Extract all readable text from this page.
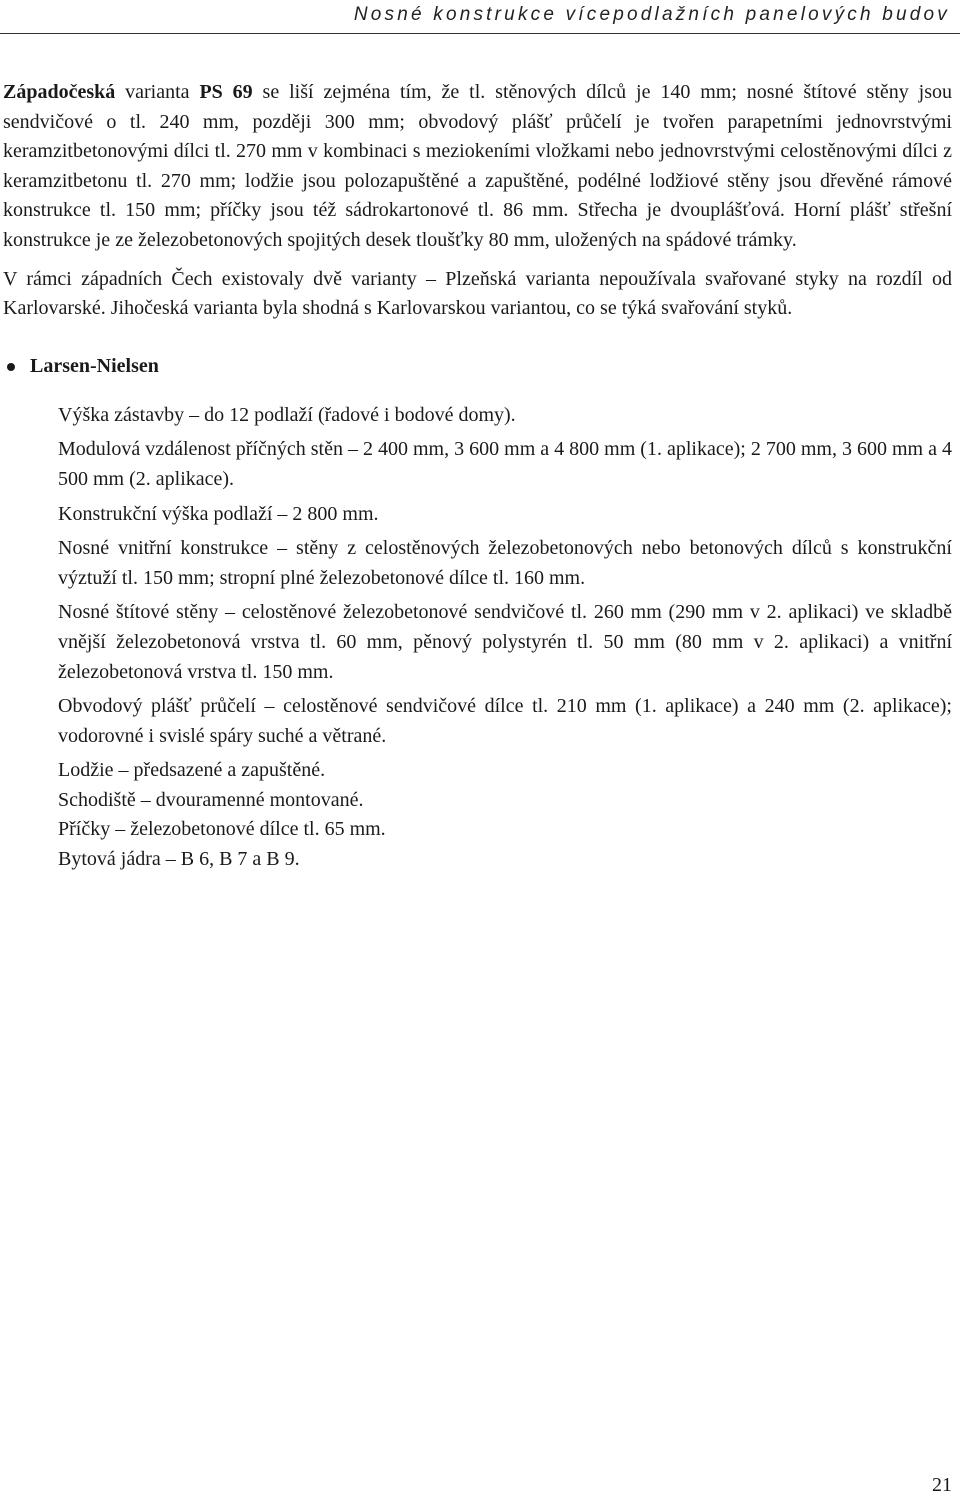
Nosné konstrukce vícepodlažních panelových budov

Západočeská varianta PS 69 se liší zejména tím, že tl. stěnových dílců je 140 mm; nosné štítové stěny jsou sendvičové o tl. 240 mm, později 300 mm; obvodový plášť průčelí je tvořen parapetními jednovrstvými keramzitbetonovými dílci tl. 270 mm v kombinaci s meziokeními vložkami nebo jednovrstvými celostěnovými dílci z keramzitbetonu tl. 270 mm; lodžie jsou polozapuštěné a zapuštěné, podélné lodžiové stěny jsou dřevěné rámové konstrukce tl. 150 mm; příčky jsou též sádrokartonové tl. 86 mm. Střecha je dvouplášťová. Horní plášť střešní konstrukce je ze železobetonových spojitých desek tloušťky 80 mm, uložených na spádové trámky.

V rámci západních Čech existovaly dvě varianty – Plzeňská varianta nepoužívala svařované styky na rozdíl od Karlovarské. Jihočeská varianta byla shodná s Karlovarskou variantou, co se týká svařování styků.

Larsen-Nielsen

Výška zástavby – do 12 podlaží (řadové i bodové domy).

Modulová vzdálenost příčných stěn – 2 400 mm, 3 600 mm a 4 800 mm (1. aplikace); 2 700 mm, 3 600 mm a 4 500 mm (2. aplikace).

Konstrukční výška podlaží – 2 800 mm.

Nosné vnitřní konstrukce – stěny z celostěnových železobetonových nebo betonových dílců s konstrukční výztuží tl. 150 mm; stropní plné železobetonové dílce tl. 160 mm.

Nosné štítové stěny – celostěnové železobetonové sendvičové tl. 260 mm (290 mm v 2. aplikaci) ve skladbě vnější železobetonová vrstva tl. 60 mm, pěnový polystyrén tl. 50 mm (80 mm v 2. aplikaci) a vnitřní železobetonová vrstva tl. 150 mm.

Obvodový plášť průčelí – celostěnové sendvičové dílce tl. 210 mm (1. aplikace) a 240 mm (2. aplikace); vodorovné i svislé spáry suché a větrané.

Lodžie – předsazené a zapuštěné.

Schodiště – dvouramenné montované.

Příčky – železobetonové dílce tl. 65 mm.

Bytová jádra – B 6, B 7 a B 9.

21
